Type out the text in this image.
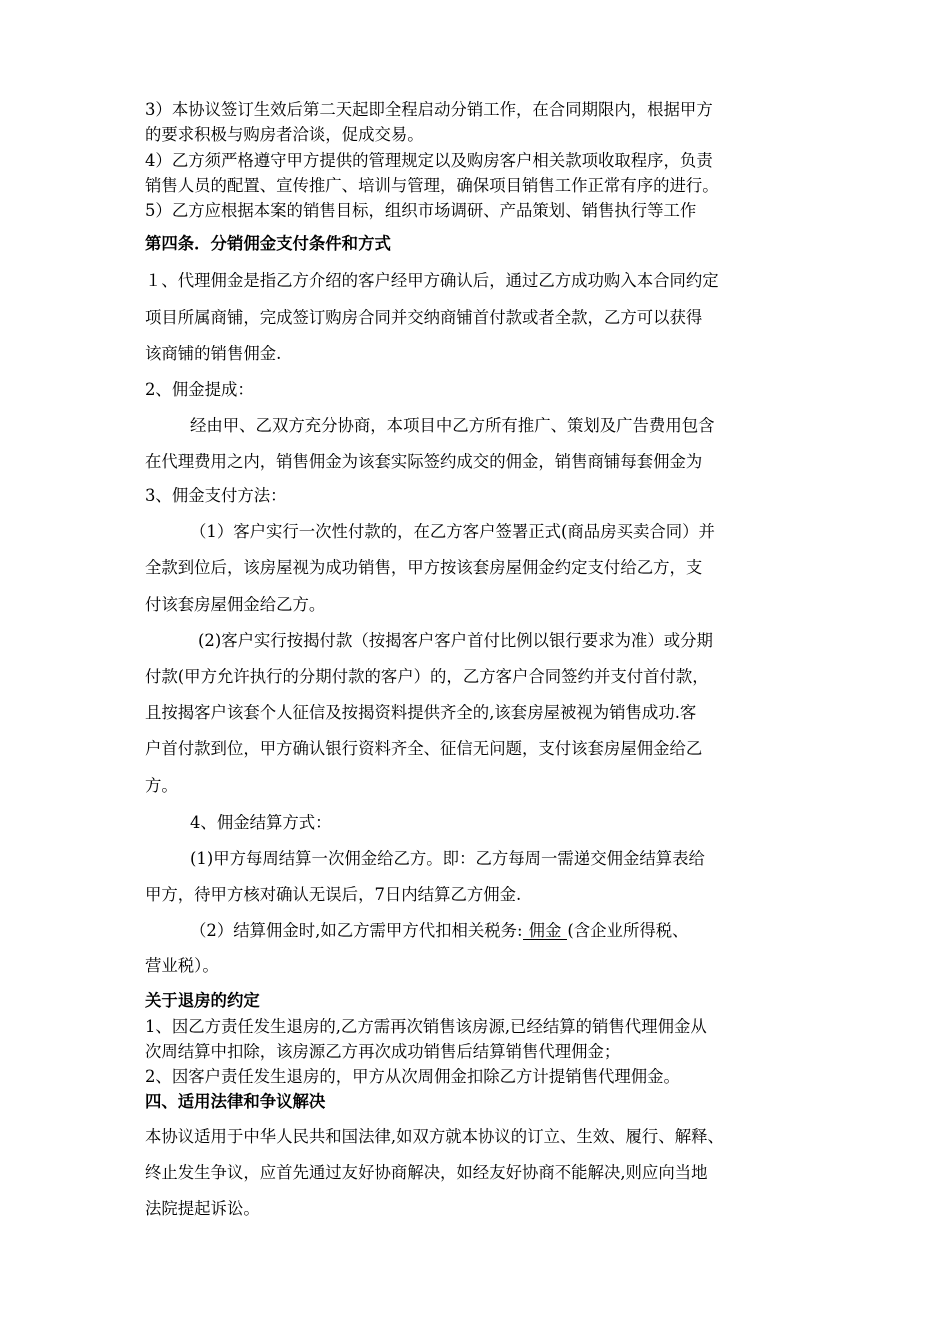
3）本协议签订生效后第二天起即全程启动分销工作，在合同期限内，根据甲方

的要求积极与购房者洽谈，促成交易。

4）乙方须严格遵守甲方提供的管理规定以及购房客户相关款项收取程序，负责

销售人员的配置、宣传推广、培训与管理，确保项目销售工作正常有序的进行。

5）乙方应根据本案的销售目标，组织市场调研、产品策划、销售执行等工作

第四条．分销佣金支付条件和方式

１、代理佣金是指乙方介绍的客户经甲方确认后，通过乙方成功购入本合同约定

项目所属商铺，完成签订购房合同并交纳商铺首付款或者全款，乙方可以获得

该商铺的销售佣金.

2、佣金提成：

经由甲、乙双方充分协商，本项目中乙方所有推广、策划及广告费用包含

在代理费用之内，销售佣金为该套实际签约成交的佣金，销售商铺每套佣金为

3、佣金支付方法：

（1）客户实行一次性付款的，在乙方客户签署正式(商品房买卖合同）并

全款到位后，该房屋视为成功销售，甲方按该套房屋佣金约定支付给乙方，支

付该套房屋佣金给乙方。

(2)客户实行按揭付款（按揭客户客户首付比例以银行要求为准）或分期

付款(甲方允许执行的分期付款的客户）的，乙方客户合同签约并支付首付款，

且按揭客户该套个人征信及按揭资料提供齐全的,该套房屋被视为销售成功.客

户首付款到位，甲方确认银行资料齐全、征信无问题，支付该套房屋佣金给乙

方。

4、佣金结算方式：

(1)甲方每周结算一次佣金给乙方。即：乙方每周一需递交佣金结算表给

甲方，待甲方核对确认无误后，7日内结算乙方佣金.

（2）结算佣金时,如乙方需甲方代扣相关税务: 佣金 (含企业所得税、

营业税）。

关于退房的约定

1、因乙方责任发生退房的,乙方需再次销售该房源,已经结算的销售代理佣金从

次周结算中扣除，该房源乙方再次成功销售后结算销售代理佣金；

2、因客户责任发生退房的，甲方从次周佣金扣除乙方计提销售代理佣金。

四、适用法律和争议解决

本协议适用于中华人民共和国法律,如双方就本协议的订立、生效、履行、解释、

终止发生争议，应首先通过友好协商解决，如经友好协商不能解决,则应向当地

法院提起诉讼。
